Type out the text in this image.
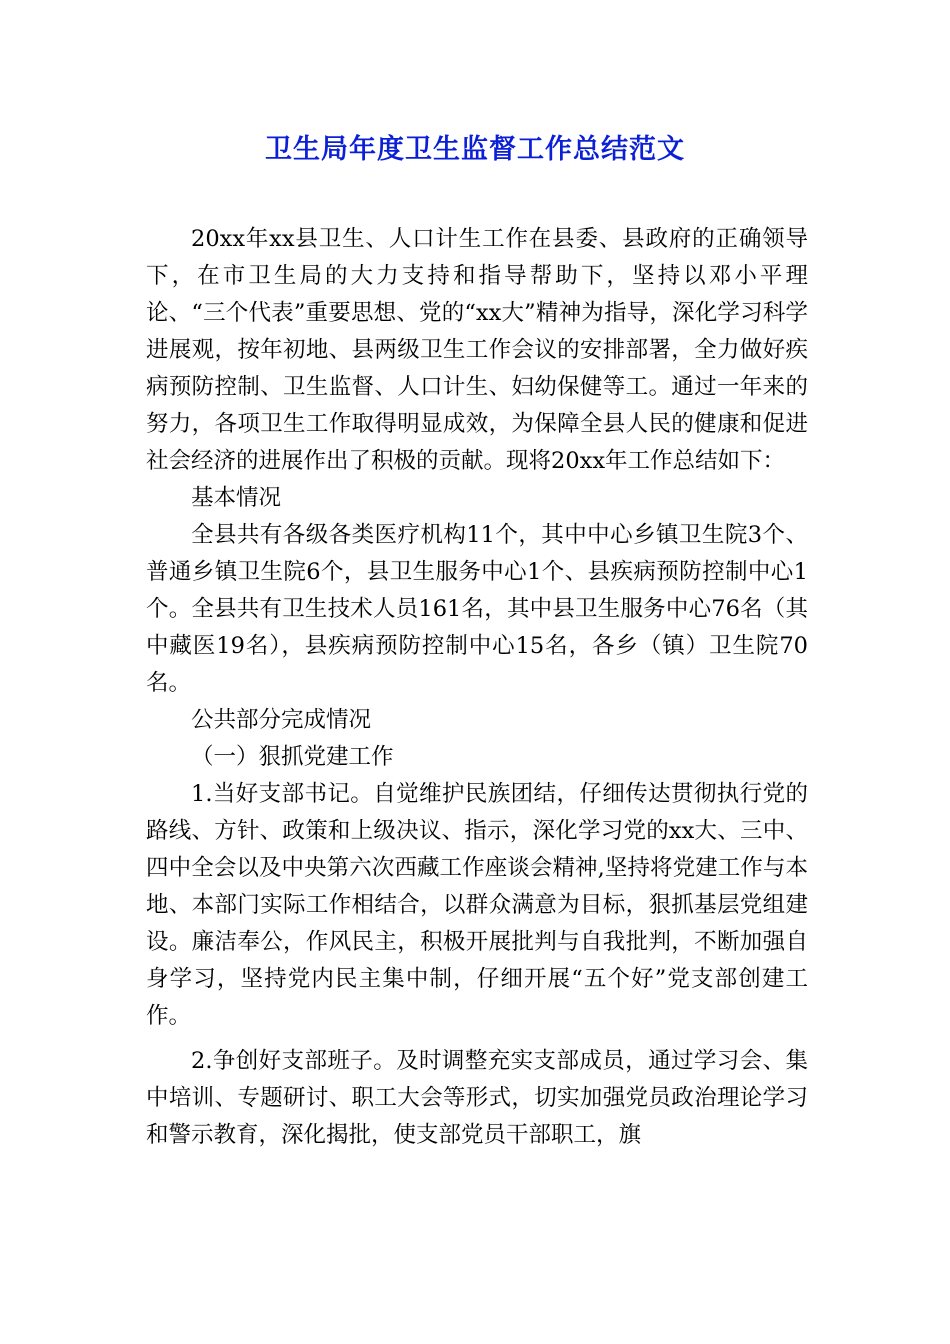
卫生局年度卫生监督工作总结范文

20xx年xx县卫生、人口计生工作在县委、县政府的正确领导下，在市卫生局的大力支持和指导帮助下，坚持以邓小平理论、“三个代表”重要思想、党的“xx大”精神为指导，深化学习科学进展观，按年初地、县两级卫生工作会议的安排部署，全力做好疾病预防控制、卫生监督、人口计生、妇幼保健等工。通过一年来的努力，各项卫生工作取得明显成效，为保障全县人民的健康和促进社会经济的进展作出了积极的贡献。现将20xx年工作总结如下：

基本情况

全县共有各级各类医疗机构11个，其中中心乡镇卫生院3个、普通乡镇卫生院6个，县卫生服务中心1个、县疾病预防控制中心1个。全县共有卫生技术人员161名，其中县卫生服务中心76名（其中藏医19名），县疾病预防控制中心15名，各乡（镇）卫生院70名。

公共部分完成情况

（一）狠抓党建工作

1.当好支部书记。自觉维护民族团结，仔细传达贯彻执行党的路线、方针、政策和上级决议、指示，深化学习党的xx大、三中、四中全会以及中央第六次西藏工作座谈会精神,坚持将党建工作与本地、本部门实际工作相结合，以群众满意为目标，狠抓基层党组建设。廉洁奉公，作风民主，积极开展批判与自我批判，不断加强自身学习，坚持党内民主集中制，仔细开展“五个好”党支部创建工作。

2.争创好支部班子。及时调整充实支部成员，通过学习会、集中培训、专题研讨、职工大会等形式，切实加强党员政治理论学习和警示教育，深化揭批，使支部党员干部职工，旗
